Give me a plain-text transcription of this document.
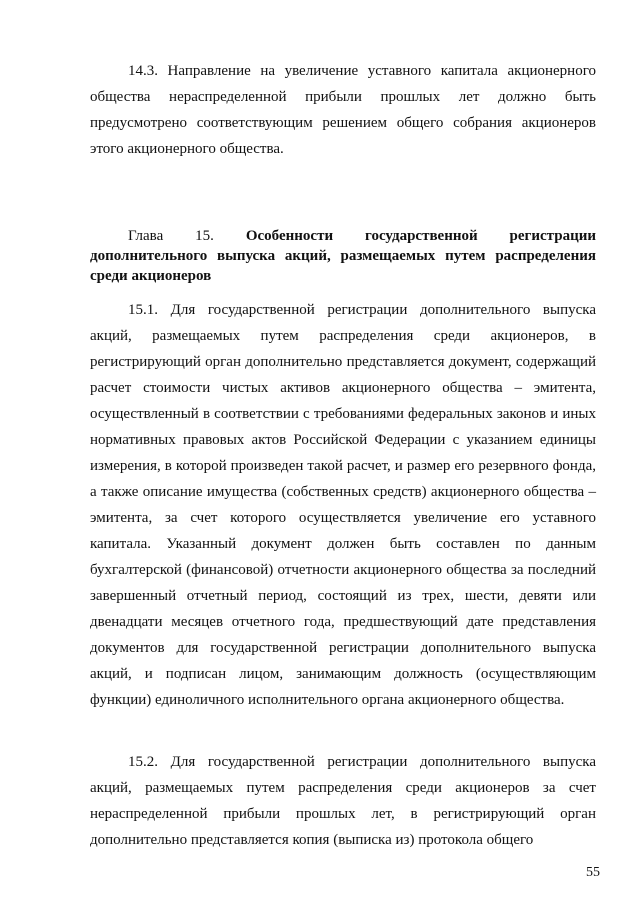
14.3. Направление на увеличение уставного капитала акционерного общества нераспределенной прибыли прошлых лет должно быть предусмотрено соответствующим решением общего собрания акционеров этого акционерного общества.

Глава 15. Особенности государственной регистрации дополнительного выпуска акций, размещаемых путем распределения среди акционеров

15.1. Для государственной регистрации дополнительного выпуска акций, размещаемых путем распределения среди акционеров, в регистрирующий орган дополнительно представляется документ, содержащий расчет стоимости чистых активов акционерного общества – эмитента, осуществленный в соответствии с требованиями федеральных законов и иных нормативных правовых актов Российской Федерации с указанием единицы измерения, в которой произведен такой расчет, и размер его резервного фонда, а также описание имущества (собственных средств) акционерного общества – эмитента, за счет которого осуществляется увеличение его уставного капитала. Указанный документ должен быть составлен по данным бухгалтерской (финансовой) отчетности акционерного общества за последний завершенный отчетный период, состоящий из трех, шести, девяти или двенадцати месяцев отчетного года, предшествующий дате представления документов для государственной регистрации дополнительного выпуска акций, и подписан лицом, занимающим должность (осуществляющим функции) единоличного исполнительного органа акционерного общества.

15.2. Для государственной регистрации дополнительного выпуска акций, размещаемых путем распределения среди акционеров за счет нераспределенной прибыли прошлых лет, в регистрирующий орган дополнительно представляется копия (выписка из) протокола общего

55
